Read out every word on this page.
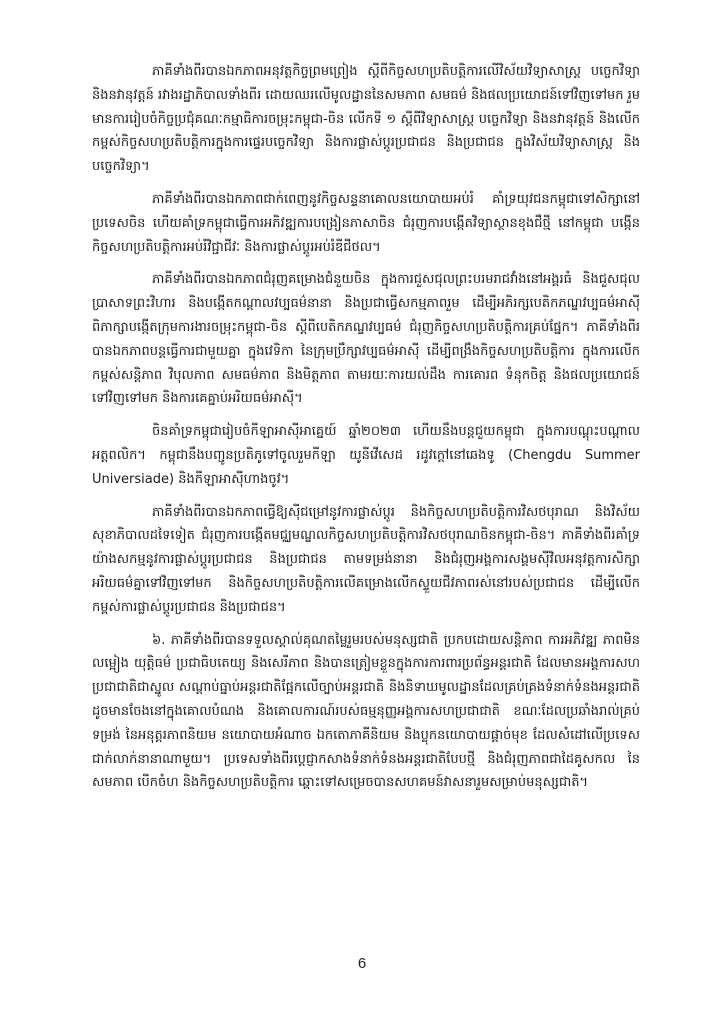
ភាគីទាំងពីរបានឯកភាពអនុវត្តកិច្ចព្រមព្រៀង ស្តីពីកិច្ចសហប្រតិបត្តិការលើវិស័យវិទ្យាសាស្ត្រ បច្ចេកវិទ្យា និងនវានុវត្តន៍ រវាងរដ្ឋាភិបាលទាំងពីរ ដោយឈរលើមូលដ្ឋាននៃសមភាព សមធម៌ និងផលប្រយោជន៍ទៅវិញទៅមក រួមមានការរៀបចំកិច្ចប្រជុំគណៈកម្មាធិការចម្រុះកម្ពុជា-ចិន លើកទី ១ ស្តីពីវិទ្យាសាស្ត្រ បច្ចេកវិទ្យា និងនវានុវត្តន៍ និងលើកកម្ពស់កិច្ចសហប្រតិបត្តិការក្នុងការផ្ទេរបច្ចេកវិទ្យា និងការផ្លាស់ប្តូរប្រជាជន និងប្រជាជន ក្នុងវិស័យវិទ្យាសាស្ត្រ និងបច្ចេកវិទ្យា។

ភាគីទាំងពីរបានឯកភាពជាក់ពេញនូវកិច្ចសន្ទនាគោលនយោបាយអប់រំ គាំទ្រយុវជនកម្ពុជាទៅសិក្សានៅប្រទេសចិន ហើយគាំទ្រកម្ពុជាធ្វើការអភិវឌ្ឍការបង្រៀនភាសាចិន ជំរុញការបង្កើតវិទ្យាស្ថានខុងជឺថ្មី នៅកម្ពុជា បង្កើនកិច្ចសហប្រតិបត្តិការអប់រំវិជ្ជាជីវៈ និងការផ្លាស់ប្តូរអប់រំឌីជីថល។

ភាគីទាំងពីរបានឯកភាពជំរុញគម្រោងជំនួយចិន ក្នុងការជួសជុលព្រះបរមរាជវាំងនៅអង្គរធំ និងជួសជុលប្រាសាទព្រះវិហារ និងបង្កើតកណ្តាលវប្បធម៌នានា និងប្រជាធ្វើសកម្មភាពរួម ដើម្បីអភិរក្សបេតិកភណ្ឌវប្បធម៌អាស៊ី ពិភាក្សាបង្កើតក្រុមការងារចម្រុះកម្ពុជា-ចិន ស្តីពីបេតិកភណ្ឌវប្បធម៌ ជំរុញកិច្ចសហប្រតិបត្តិការគ្រប់ផ្នែក។ ភាគីទាំងពីរបានឯកភាពបន្តធ្វើការជាមួយគ្នា ក្នុងវេទិកា នៃក្រុមប្រឹក្សាវប្បធម៌អាស៊ី ដើម្បីពង្រឹងកិច្ចសហប្រតិបត្តិការ ក្នុងការលើកកម្ពស់សន្តិភាព វិបុលភាព សមធម៌ភាព និងមិត្តភាព តាមរយៈការយល់ដឹង ការគោរព ទំនុកចិត្ត និងផលប្រយោជន៍ទៅវិញទៅមក និងការគេគ្នាប់អរិយធម៌អាស៊ី។

ចិនគាំទ្រកម្ពុជារៀបចំកីឡាអាស៊ីអាគ្នេយ៍ ឆ្នាំ២០២៣ ហើយនឹងបន្តជួយកម្ពុជា ក្នុងការបណ្តុះបណ្តាលអត្តពលិក។ កម្ពុជានឹងបញ្ជូនប្រតិភូទៅចូលរួមកីឡា យូនីវើសេដ រដូវក្តៅនៅឆេងទូ (Chengdu Summer Universiade) និងកីឡាអាស៊ីហាងចូវ។

ភាគីទាំងពីរបានឯកភាពធ្វើឱ្យស៊ីជម្រៅនូវការផ្លាស់ប្តូរ និងកិច្ចសហប្រតិបត្តិការវិសថបុរាណ និងវិស័យសុខាភិបាលដទៃទៀត ជំរុញការបង្កើតមជ្ឈមណ្ឌលកិច្ចសហប្រតិបត្តិការវិសថបុរាណចិនកម្ពុជា-ចិន។ ភាគីទាំងពីរគាំទ្រយ៉ាងសកម្មនូវការផ្លាស់ប្តូរប្រជាជន និងប្រជាជន តាមទម្រង់នានា និងជំរុញអង្គការសង្គមស៊ីវិលអនុវត្តការសិក្សាអរិយធម៌គ្នាទៅវិញទៅមក និងកិច្ចសហប្រតិបត្តិការលើគម្រោងលើកស្ទួយជីវភាពរស់នៅរបស់ប្រជាជន ដើម្បីលើកកម្ពស់ការផ្លាស់ប្តូរប្រជាជន និងប្រជាជន។

៦. ភាគីទាំងពីរបានទទួលស្គាល់គុណតម្លៃរួមរបស់មនុស្សជាតិ ប្រកបដោយសន្តិភាព ការអភិវឌ្ឍ ភាពមិនលម្អៀង យុត្តិធម៌ ប្រជាធិបតេយ្យ និងសេរីភាព និងបានត្រៀមខ្លួនក្នុងការការពារប្រព័ន្ធអន្តរជាតិ ដែលមានអង្គការសហប្រជាជាតិជាស្នូល សណ្តាប់ធ្នាប់អន្តរជាតិផ្អែកលើច្បាប់អន្តរជាតិ និងនិទាឃមូលដ្ឋានដែលគ្រប់គ្រងទំនាក់ទំនងអន្តរជាតិ ដូចមានចែងនៅក្នុងគោលបំណង និងគោលការណ៍របស់ធម្មនុញ្ញអង្គការសហប្រជាជាតិ ខណៈដែលប្រឆាំងរាល់គ្រប់ទម្រង់ នៃអនុត្តរភាពនិយម នយោបាយអំណាច ឯកតោភាគីនិយម និងប្លុកនយោបាយផ្តាច់មុខ ដែលសំដៅលើប្រទេសជាក់លាក់នានាណាមួយ។ ប្រទេសទាំងពីរប្តេជ្ញាកសាងទំនាក់ទំនងអន្តរជាតិបែបថ្មី និងជំរុញភាពជាដៃគូសកល នៃសមភាព បើកចំហ និងកិច្ចសហប្រតិបត្តិការ ឆ្ពោះទៅសម្រេចបានសហគមន៍វាសនារួមសម្រាប់មនុស្សជាតិ។

6
